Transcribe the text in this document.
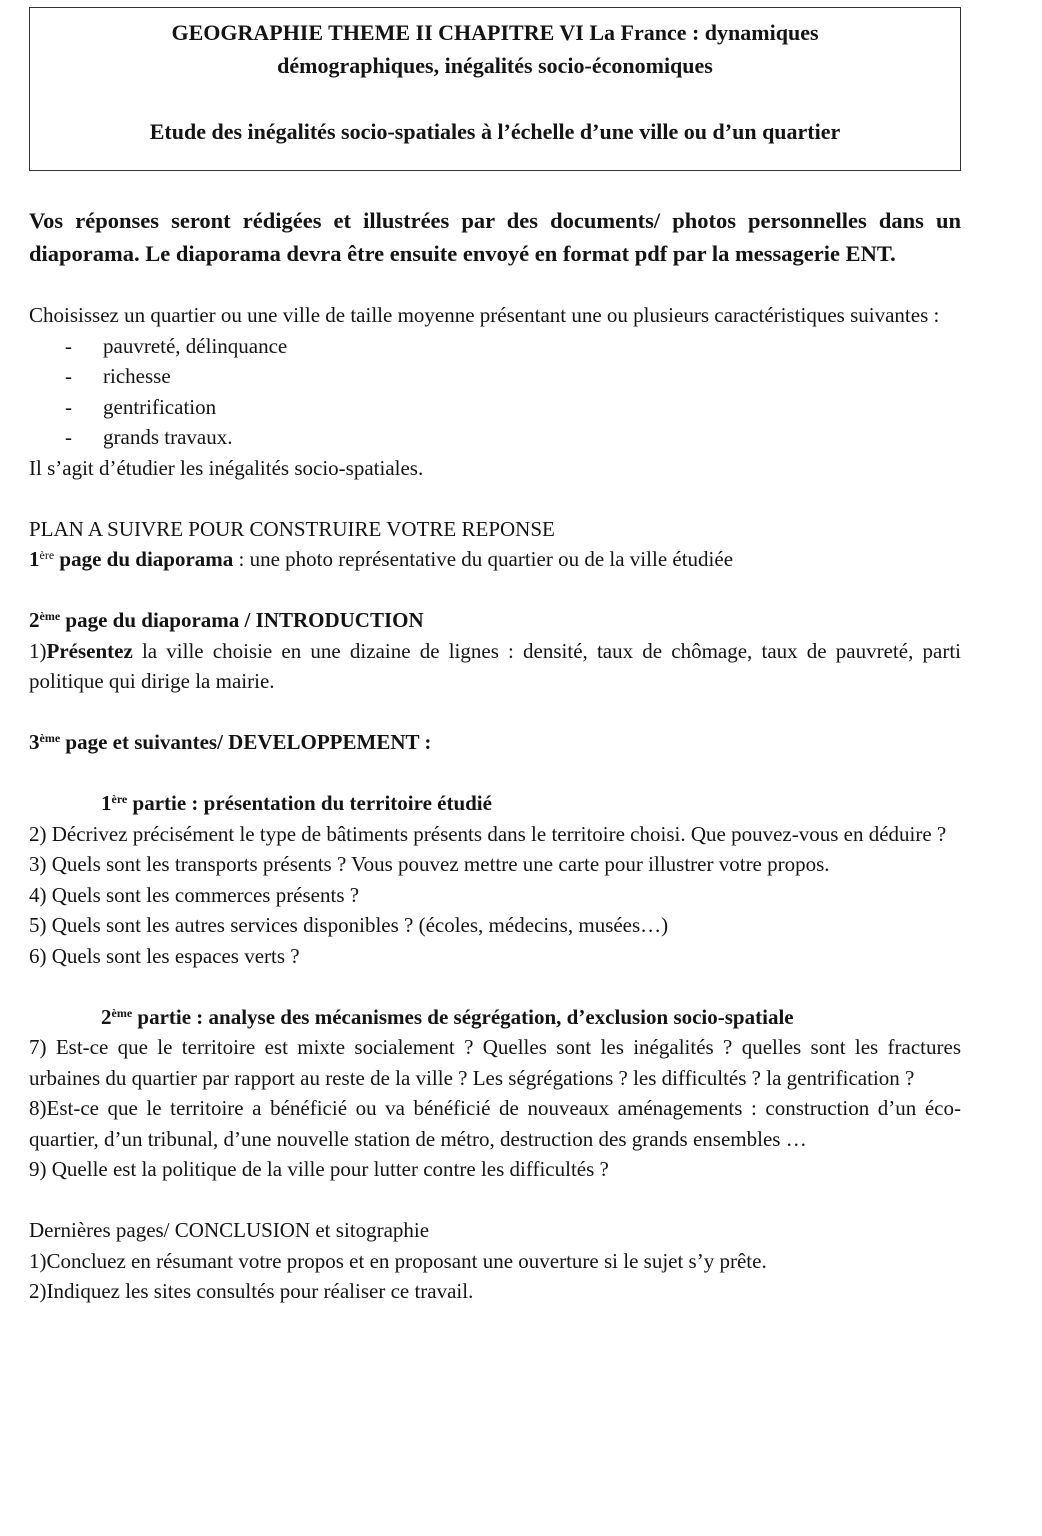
GEOGRAPHIE THEME II CHAPITRE VI La France : dynamiques
démographiques, inégalités socio-économiques
Etude des inégalités socio-spatiales à l’échelle d’une ville ou d’un quartier
Vos réponses seront rédigées et illustrées par des documents/ photos personnelles dans un diaporama. Le diaporama devra être ensuite envoyé en format pdf par la messagerie ENT.
Choisissez un quartier ou une ville de taille moyenne présentant une ou plusieurs caractéristiques suivantes :
- pauvreté, délinquance
- richesse
- gentrification
- grands travaux.
Il s’agit d’étudier les inégalités socio-spatiales.
PLAN A SUIVRE POUR CONSTRUIRE VOTRE REPONSE
1ère page du diaporama : une photo représentative du quartier ou de la ville étudiée
2ème page du diaporama / INTRODUCTION
1)Présentez la ville choisie en une dizaine de lignes : densité, taux de chômage, taux de pauvreté, parti politique qui dirige la mairie.
3ème page et suivantes/ DEVELOPPEMENT :
1ère partie : présentation du territoire étudié
2) Décrivez précisément le type de bâtiments présents dans le territoire choisi. Que pouvez-vous en déduire ?
3) Quels sont les transports présents ? Vous pouvez mettre une carte pour illustrer votre propos.
4) Quels sont les commerces présents ?
5) Quels sont les autres services disponibles ? (écoles, médecins, musées…)
6) Quels sont les espaces verts ?
2ème partie : analyse des mécanismes de ségrégation, d’exclusion socio-spatiale
7) Est-ce que le territoire est mixte socialement ? Quelles sont les inégalités ? quelles sont les fractures urbaines du quartier par rapport au reste de la ville ? Les ségrégations ? les difficultés ? la gentrification ?
8)Est-ce que le territoire a bénéficié ou va bénéficié de nouveaux aménagements : construction d’un éco-quartier, d’un tribunal, d’une nouvelle station de métro, destruction des grands ensembles …
9) Quelle est la politique de la ville pour lutter contre les difficultés ?
Dernières pages/ CONCLUSION et sitographie
1)Concluez en résumant votre propos et en proposant une ouverture si le sujet s’y prête.
2)Indiquez les sites consultés pour réaliser ce travail.
